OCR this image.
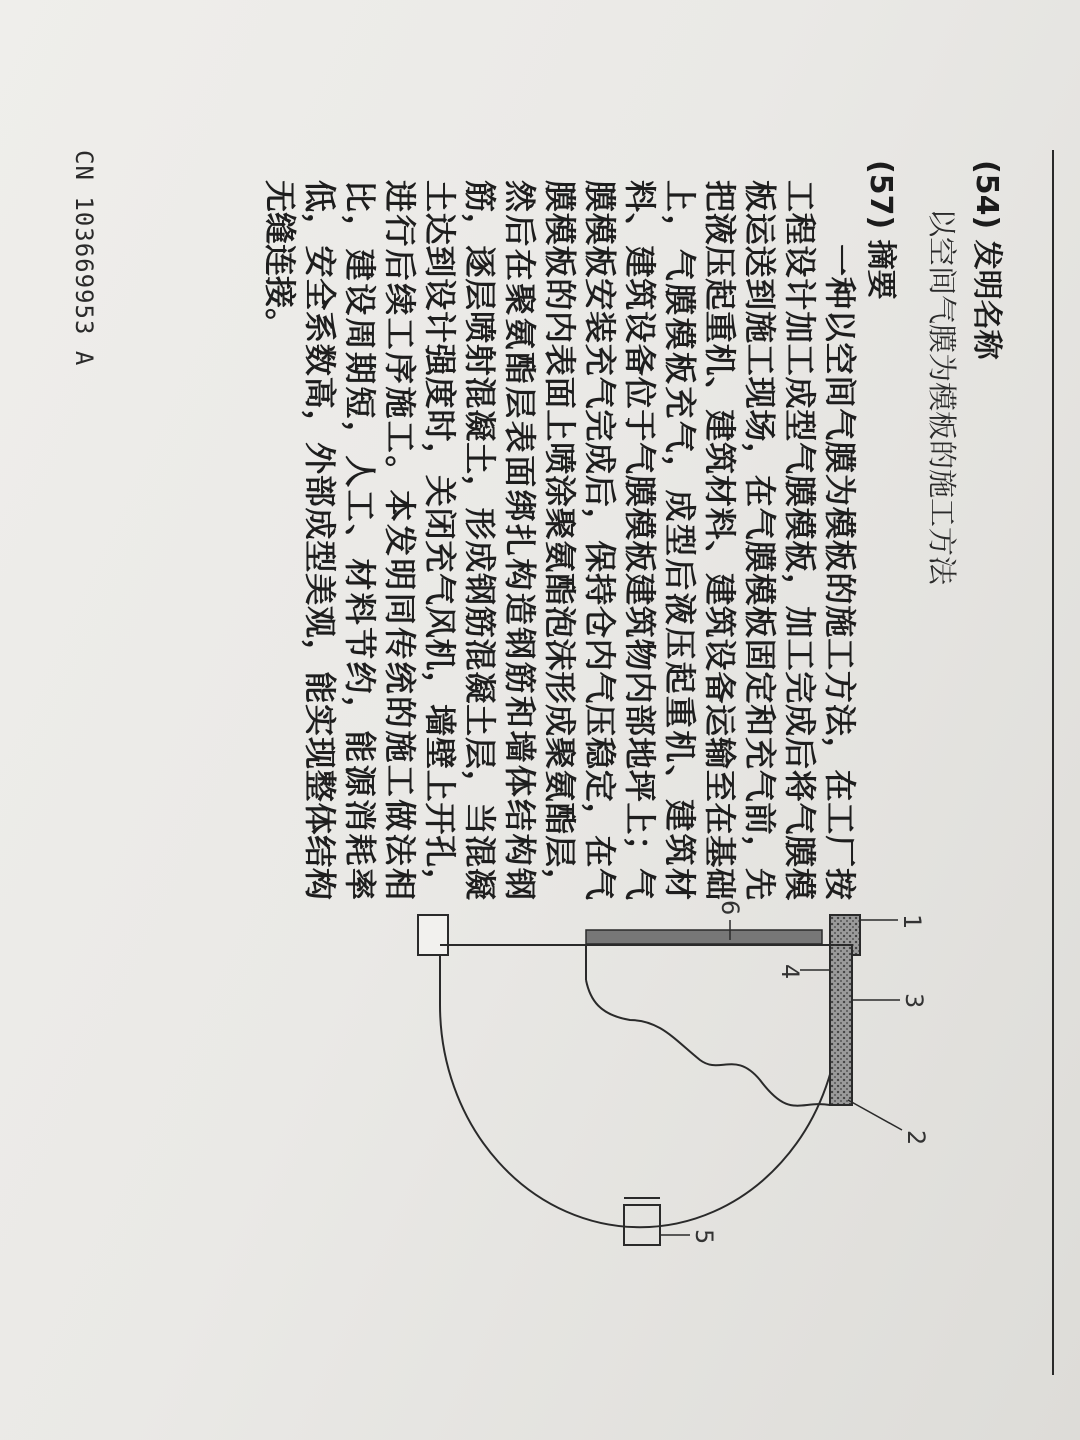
(54) 发明名称
以空间气膜为模板的施工方法
(57) 摘要

一种以空间气膜为模板的施工方法，在工厂按工程设计加工成型气膜模板，加工完成后将气膜模板运送到施工现场，在气膜模板固定和充气前，先把液压起重机、建筑材料、建筑设备运输至在基础上，气膜模板充气，成型后液压起重机、建筑材料、建筑设备位于气膜模板建筑物内部地坪上；气膜模板安装充气完成后，保持仓内气压稳定，在气膜模板的内表面上喷涂聚氨酯泡沫形成聚氨酯层，然后在聚氨酯层表面绑扎构造钢筋和墙体结构钢筋，逐层喷射混凝土，形成钢筋混凝土层，当混凝土达到设计强度时，关闭充气风机，墙壁上开孔，进行后续工序施工。本发明同传统的施工做法相比，建设周期短，人工、材料节约，能源消耗率低，安全系数高，外部成型美观，能实现整体结构无缝连接。

1
2
3
4
5
6
CN 103669953 A
